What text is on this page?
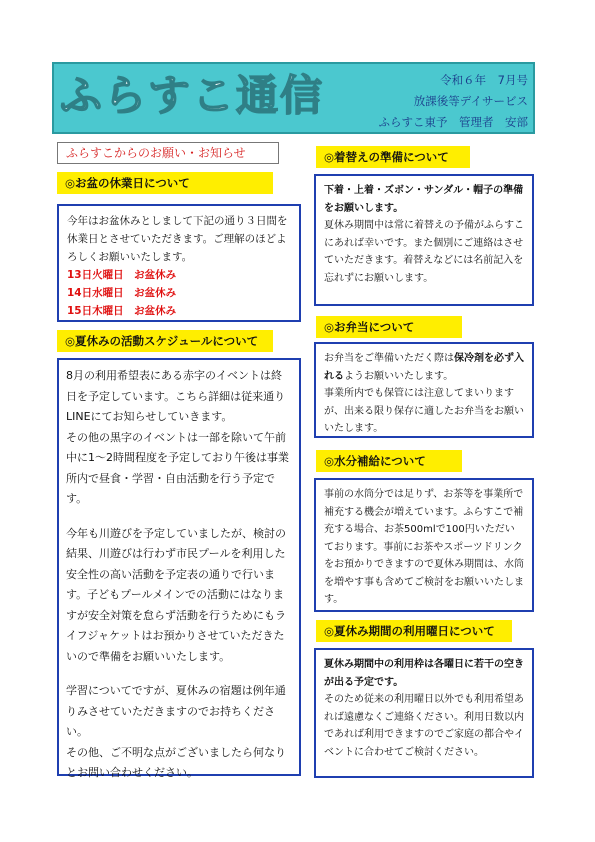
ふらすこ通信	令和６年　7月号
放課後等デイサービス
ふらすこ東予　管理者　安部
ふらすこからのお願い・お知らせ
◎お盆の休業日について

今年はお盆休みとしまして下記の通り３日間を休業日とさせていただきます。ご理解のほどよろしくお願いいたします。

13日火曜日　お盆休み

14日水曜日　お盆休み

15日木曜日　お盆休み

◎夏休みの活動スケジュールについて

8月の利用希望表にある赤字のイベントは終日を予定しています。こちら詳細は従来通りLINEにてお知らせしていきます。

その他の黒字のイベントは一部を除いて午前中に1～2時間程度を予定しており午後は事業所内で昼食・学習・自由活動を行う予定です。

今年も川遊びを予定していましたが、検討の結果、川遊びは行わず市民プールを利用した安全性の高い活動を予定表の通りで行います。子どもプールメインでの活動にはなりますが安全対策を怠らず活動を行うためにもライフジャケットはお預かりさせていただきたいので準備をお願いいたします。

学習についてですが、夏休みの宿題は例年通りみさせていただきますのでお持ちください。

その他、ご不明な点がございましたら何なりとお問い合わせください。

◎着替えの準備について

下着・上着・ズボン・サンダル・帽子の準備をお願いします。

夏休み期間中は常に着替えの予備がふらすこにあれば幸いです。また個別にご連絡はさせていただきます。着替えなどには名前記入を忘れずにお願いします。

◎お弁当について

お弁当をご準備いただく際は保冷剤を必ず入れるようお願いいたします。

事業所内でも保管には注意してまいりますが、出来る限り保存に適したお弁当をお願いいたします。

◎水分補給について

事前の水筒分では足りず、お茶等を事業所で補充する機会が増えています。ふらすこで補充する場合、お茶500mlで100円いただいております。事前にお茶やスポーツドリンクをお預かりできますので夏休み期間は、水筒を増やす事も含めてご検討をお願いいたします。

◎夏休み期間の利用曜日について

夏休み期間中の利用枠は各曜日に若干の空きが出る予定です。

そのため従来の利用曜日以外でも利用希望あれば遠慮なくご連絡ください。利用日数以内であれば利用できますのでご家庭の都合やイベントに合わせてご検討ください。
